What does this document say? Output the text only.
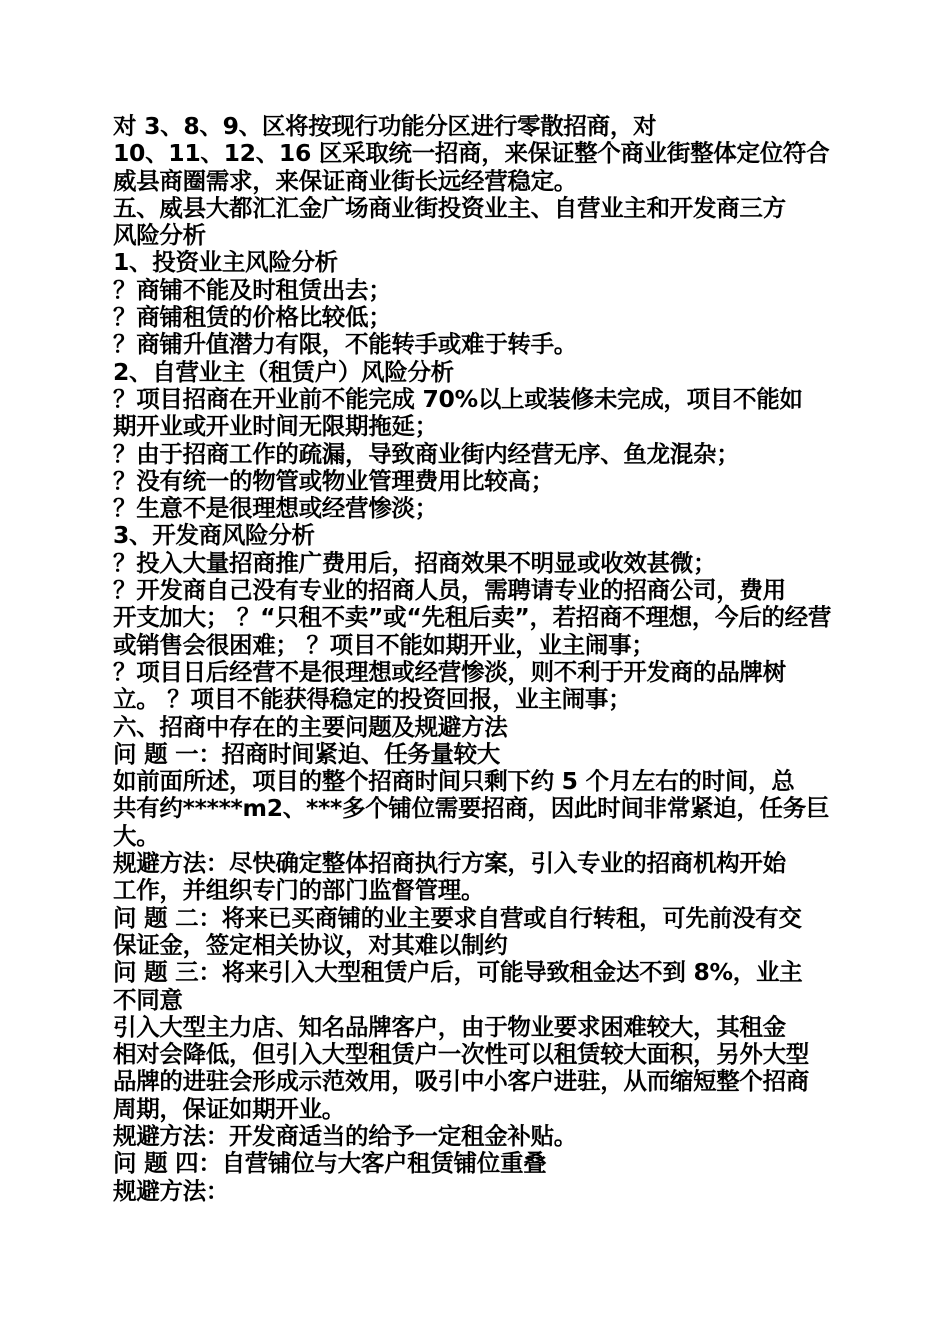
对 3、8、9、区将按现行功能分区进行零散招商，对
10、11、12、16 区采取统一招商，来保证整个商业街整体定位符合
威县商圈需求，来保证商业街长远经营稳定。
五、威县大都汇汇金广场商业街投资业主、自营业主和开发商三方
风险分析
1、投资业主风险分析
？商铺不能及时租赁出去；
？商铺租赁的价格比较低；
？商铺升值潜力有限，不能转手或难于转手。
2、自营业主（租赁户）风险分析
？项目招商在开业前不能完成 70%以上或装修未完成，项目不能如
期开业或开业时间无限期拖延；
？由于招商工作的疏漏，导致商业街内经营无序、鱼龙混杂；
？没有统一的物管或物业管理费用比较高；
？生意不是很理想或经营惨淡；
3、开发商风险分析
？投入大量招商推广费用后，招商效果不明显或收效甚微；
？开发商自己没有专业的招商人员，需聘请专业的招商公司，费用
开支加大； ？“只租不卖”或“先租后卖”，若招商不理想，今后的经营
或销售会很困难； ？项目不能如期开业，业主闹事；
？项目日后经营不是很理想或经营惨淡，则不利于开发商的品牌树
立。 ？项目不能获得稳定的投资回报，业主闹事；
六、招商中存在的主要问题及规避方法
问 题 一：招商时间紧迫、任务量较大
如前面所述，项目的整个招商时间只剩下约 5 个月左右的时间，总
共有约*****m2、***多个铺位需要招商，因此时间非常紧迫，任务巨
大。
规避方法：尽快确定整体招商执行方案，引入专业的招商机构开始
工作，并组织专门的部门监督管理。
问 题 二：将来已买商铺的业主要求自营或自行转租，可先前没有交
保证金，签定相关协议，对其难以制约
问 题 三：将来引入大型租赁户后，可能导致租金达不到 8%，业主
不同意
引入大型主力店、知名品牌客户，由于物业要求困难较大，其租金
相对会降低，但引入大型租赁户一次性可以租赁较大面积，另外大型
品牌的进驻会形成示范效用，吸引中小客户进驻，从而缩短整个招商
周期，保证如期开业。
规避方法：开发商适当的给予一定租金补贴。
问 题 四：自营铺位与大客户租赁铺位重叠
规避方法：
